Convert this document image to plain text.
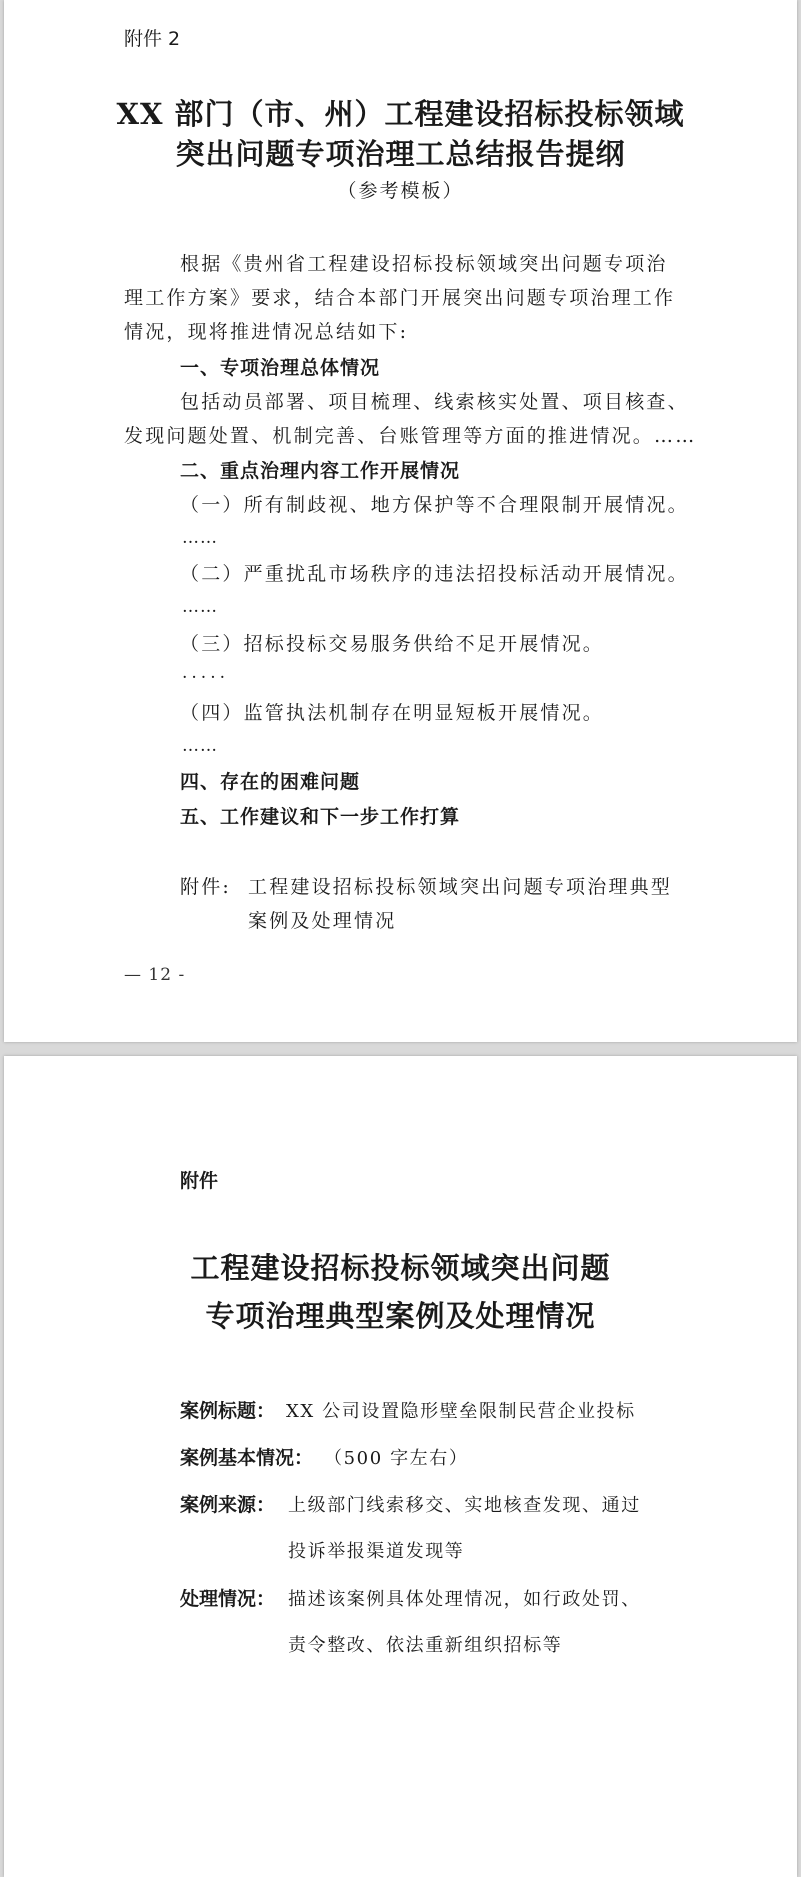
附件 2
XX 部门（市、州）工程建设招标投标领域
突出问题专项治理工总结报告提纲
（参考模板）
根据《贵州省工程建设招标投标领域突出问题专项治
理工作方案》要求，结合本部门开展突出问题专项治理工作
情况，现将推进情况总结如下:
一、专项治理总体情况
包括动员部署、项目梳理、线索核实处置、项目核查、
发现问题处置、机制完善、台账管理等方面的推进情况。……
二、重点治理内容工作开展情况
（一）所有制歧视、地方保护等不合理限制开展情况。
……
（二）严重扰乱市场秩序的违法招投标活动开展情况。
……
（三）招标投标交易服务供给不足开展情况。
.....
（四）监管执法机制存在明显短板开展情况。
……
四、存在的困难问题
五、工作建议和下一步工作打算
附件: 工程建设招标投标领域突出问题专项治理典型
案例及处理情况
— 12 -
附件
工程建设招标投标领域突出问题
专项治理典型案例及处理情况
案例标题： XX 公司设置隐形壁垒限制民营企业投标
案例基本情况： （500 字左右）
案例来源： 上级部门线索移交、实地核查发现、通过
投诉举报渠道发现等
处理情况： 描述该案例具体处理情况，如行政处罚、
责令整改、依法重新组织招标等
